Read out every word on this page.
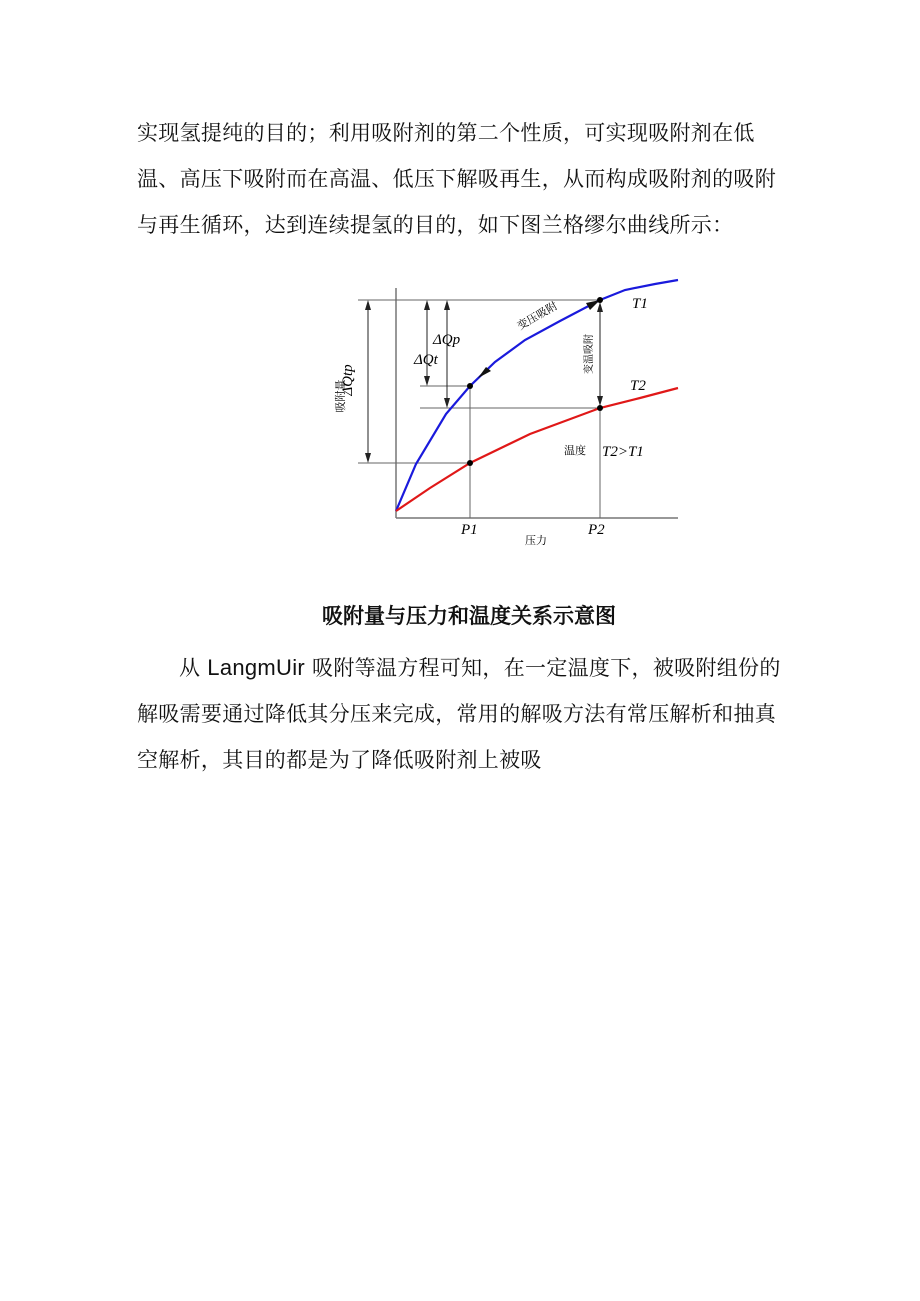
实现氢提纯的目的；利用吸附剂的第二个性质，可实现吸附剂在低温、高压下吸附而在高温、低压下解吸再生，从而构成吸附剂的吸附与再生循环，达到连续提氢的目的，如下图兰格缪尔曲线所示：

吸附量
ΔQtp
ΔQp
ΔQt
变压吸附
变温吸附
T1
T2
温度 T2>T1
P1	P2
压力

吸附量与压力和温度关系示意图

从 LangmUir 吸附等温方程可知，在一定温度下，被吸附组份的解吸需要通过降低其分压来完成，常用的解吸方法有常压解析和抽真空解析，其目的都是为了降低吸附剂上被吸
